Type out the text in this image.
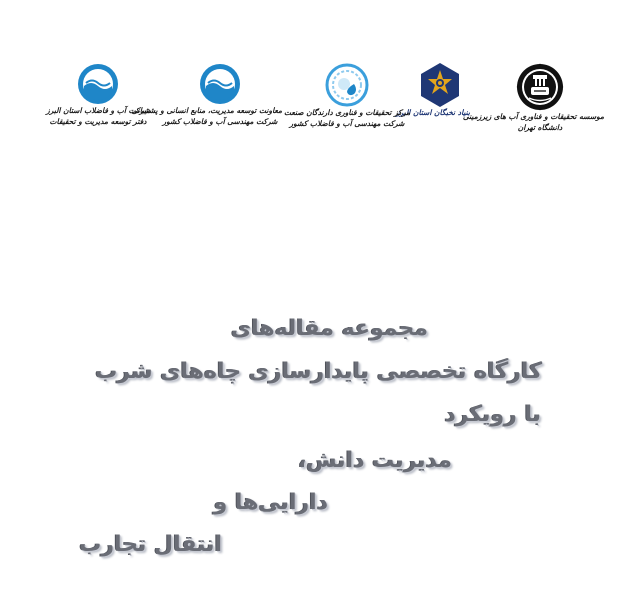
موسسه تحقیقات و فناوری آب های زیرزمینی
دانشگاه تهران
بنیاد نخبگان استان البرز
مرکز تحقیقات و فناوری دارندگان صنعت
شرکت مهندسی آب و فاضلاب کشور
معاونت توسعه مدیریت، منابع انسانی و پشتیبانی
شرکت مهندسی آب و فاضلاب کشور
شرکت آب و فاضلاب استان البرز
دفتر توسعه مدیریت و تحقیقات
مجموعه مقاله‌های
کارگاه تخصصی پایدارسازی چاه‌های شرب
با رویکرد
مدیریت دانش،
دارایی‌ها و
انتقال تجارب
